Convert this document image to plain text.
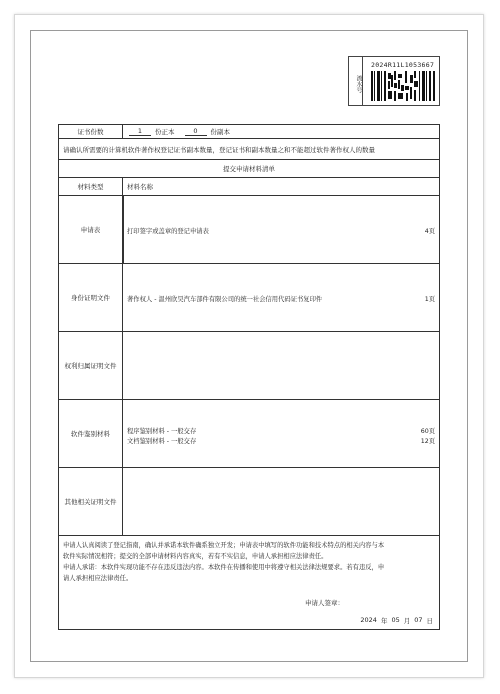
流水号
2024R11L1053667
证书份数	1	份正本	0	份副本
请确认所需要的计算机软件著作权登记证书副本数量，登记证书和副本数量之和不能超过软件著作权人的数量
提交申请材料清单
材料类型	材料名称
申请表	打印签字或盖章的登记申请表	4页
身份证明文件	著作权人 - 温州欣昊汽车部件有限公司的统一社会信用代码证书复印件	1页
权利归属证明文件
软件鉴别材料	程序鉴别材料 - 一般交存	60页
文档鉴别材料 - 一般交存	12页
其他相关证明文件
申请人认真阅读了登记指南，确认并承诺本软件确系独立开发；申请表中填写的软件功能和技术特点的相关内容与本
软件实际情况相符；提交的全部申请材料内容真实，若有不实信息，申请人承担相应法律责任。
申请人承诺：本软件实现功能不存在违反违法内容。本软件在传播和使用中将遵守相关法律法规要求。若有违反，申
请人承担相应法律责任。
申请人签章：
2024 年 05 月 07 日
